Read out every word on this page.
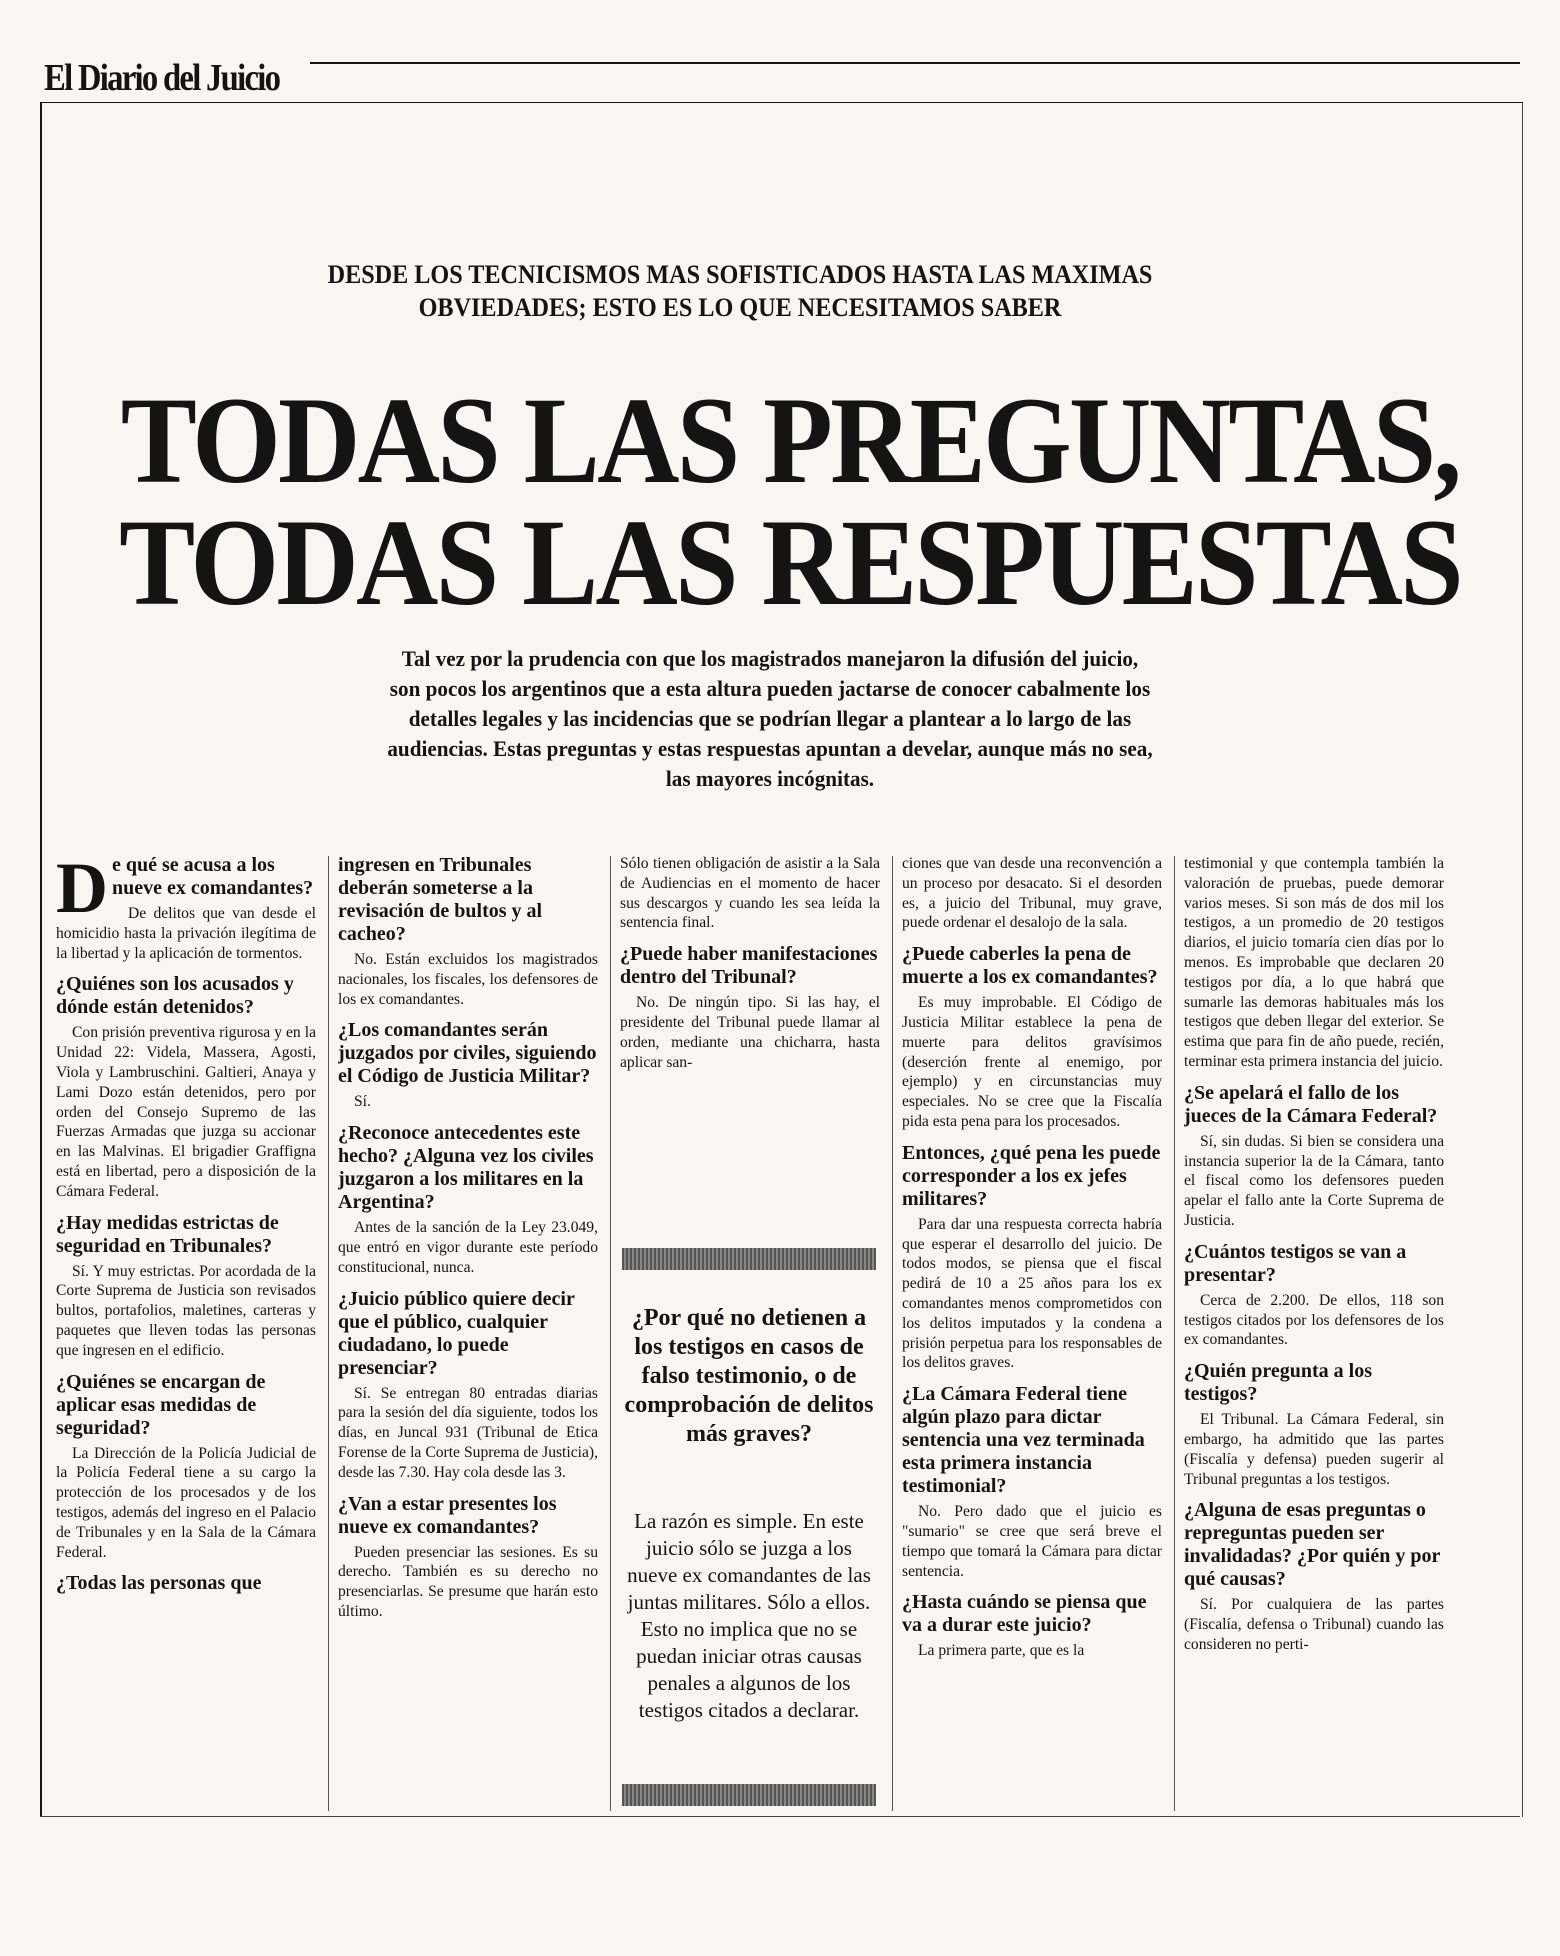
El Diario del Juicio
DESDE LOS TECNICISMOS MAS SOFISTICADOS HASTA LAS MAXIMAS
OBVIEDADES; ESTO ES LO QUE NECESITAMOS SABER
TODAS LAS PREGUNTAS,
TODAS LAS RESPUESTAS
Tal vez por la prudencia con que los magistrados manejaron la difusión del juicio, son pocos los argentinos que a esta altura pueden jactarse de conocer cabalmente los detalles legales y las incidencias que se podrían llegar a plantear a lo largo de las audiencias. Estas preguntas y estas respuestas apuntan a develar, aunque más no sea, las mayores incógnitas.
De qué se acusa a los nueve ex comandantes?

De delitos que van desde el homicidio hasta la privación ilegítima de la libertad y la aplicación de tormentos.

¿Quiénes son los acusados y dónde están detenidos?

Con prisión preventiva rigurosa y en la Unidad 22: Videla, Massera, Agosti, Viola y Lambruschini. Galtieri, Anaya y Lami Dozo están detenidos, pero por orden del Consejo Supremo de las Fuerzas Armadas que juzga su accionar en las Malvinas. El brigadier Graffigna está en libertad, pero a disposición de la Cámara Federal.

¿Hay medidas estrictas de seguridad en Tribunales?

Sí. Y muy estrictas. Por acordada de la Corte Suprema de Justicia son revisados bultos, portafolios, maletines, carteras y paquetes que lleven todas las personas que ingresen en el edificio.

¿Quiénes se encargan de aplicar esas medidas de seguridad?

La Dirección de la Policía Judicial de la Policía Federal tiene a su cargo la protección de los procesados y de los testigos, además del ingreso en el Palacio de Tribunales y en la Sala de la Cámara Federal.

¿Todas las personas que
ingresen en Tribunales deberán someterse a la revisación de bultos y al cacheo?

No. Están excluidos los magistrados nacionales, los fiscales, los defensores de los ex comandantes.

¿Los comandantes serán juzgados por civiles, siguiendo el Código de Justicia Militar?

Sí.

¿Reconoce antecedentes este hecho? ¿Alguna vez los civiles juzgaron a los militares en la Argentina?

Antes de la sanción de la Ley 23.049, que entró en vigor durante este período constitucional, nunca.

¿Juicio público quiere decir que el público, cualquier ciudadano, lo puede presenciar?

Sí. Se entregan 80 entradas diarias para la sesión del día siguiente, todos los días, en Juncal 931 (Tribunal de Etica Forense de la Corte Suprema de Justicia), desde las 7.30. Hay cola desde las 3.

¿Van a estar presentes los nueve ex comandantes?

Pueden presenciar las sesiones. Es su derecho. También es su derecho no presenciarlas. Se presume que harán esto último.

Sólo tienen obligación de asistir a la Sala de Audiencias en el momento de hacer sus descargos y cuando les sea leída la sentencia final.

¿Puede haber manifestaciones dentro del Tribunal?

No. De ningún tipo. Si las hay, el presidente del Tribunal puede llamar al orden, mediante una chicharra, hasta aplicar san-

ciones que van desde una reconvención a un proceso por desacato. Si el desorden es, a juicio del Tribunal, muy grave, puede ordenar el desalojo de la sala.

¿Puede caberles la pena de muerte a los ex comandantes?

Es muy improbable. El Código de Justicia Militar establece la pena de muerte para delitos gravísimos (deserción frente al enemigo, por ejemplo) y en circunstancias muy especiales. No se cree que la Fiscalía pida esta pena para los procesados.

Entonces, ¿qué pena les puede corresponder a los ex jefes militares?

Para dar una respuesta correcta habría que esperar el desarrollo del juicio. De todos modos, se piensa que el fiscal pedirá de 10 a 25 años para los ex comandantes menos comprometidos con los delitos imputados y la condena a prisión perpetua para los responsables de los delitos graves.

¿La Cámara Federal tiene algún plazo para dictar sentencia una vez terminada esta primera instancia testimonial?

No. Pero dado que el juicio es "sumario" se cree que será breve el tiempo que tomará la Cámara para dictar sentencia.

¿Hasta cuándo se piensa que va a durar este juicio?

La primera parte, que es la

testimonial y que contempla también la valoración de pruebas, puede demorar varios meses. Si son más de dos mil los testigos, a un promedio de 20 testigos diarios, el juicio tomaría cien días por lo menos. Es improbable que declaren 20 testigos por día, a lo que habrá que sumarle las demoras habituales más los testigos que deben llegar del exterior. Se estima que para fin de año puede, recién, terminar esta primera instancia del juicio.

¿Se apelará el fallo de los jueces de la Cámara Federal?

Sí, sin dudas. Si bien se considera una instancia superior la de la Cámara, tanto el fiscal como los defensores pueden apelar el fallo ante la Corte Suprema de Justicia.

¿Cuántos testigos se van a presentar?

Cerca de 2.200. De ellos, 118 son testigos citados por los defensores de los ex comandantes.

¿Quién pregunta a los testigos?

El Tribunal. La Cámara Federal, sin embargo, ha admitido que las partes (Fiscalía y defensa) pueden sugerir al Tribunal preguntas a los testigos.

¿Alguna de esas preguntas o repreguntas pueden ser invalidadas? ¿Por quién y por qué causas?

Sí. Por cualquiera de las partes (Fiscalía, defensa o Tribunal) cuando las consideren no perti-

¿Por qué no detienen a los testigos en casos de falso testimonio, o de comprobación de delitos más graves?
La razón es simple. En este juicio sólo se juzga a los nueve ex comandantes de las juntas militares. Sólo a ellos. Esto no implica que no se puedan iniciar otras causas penales a algunos de los testigos citados a declarar.
